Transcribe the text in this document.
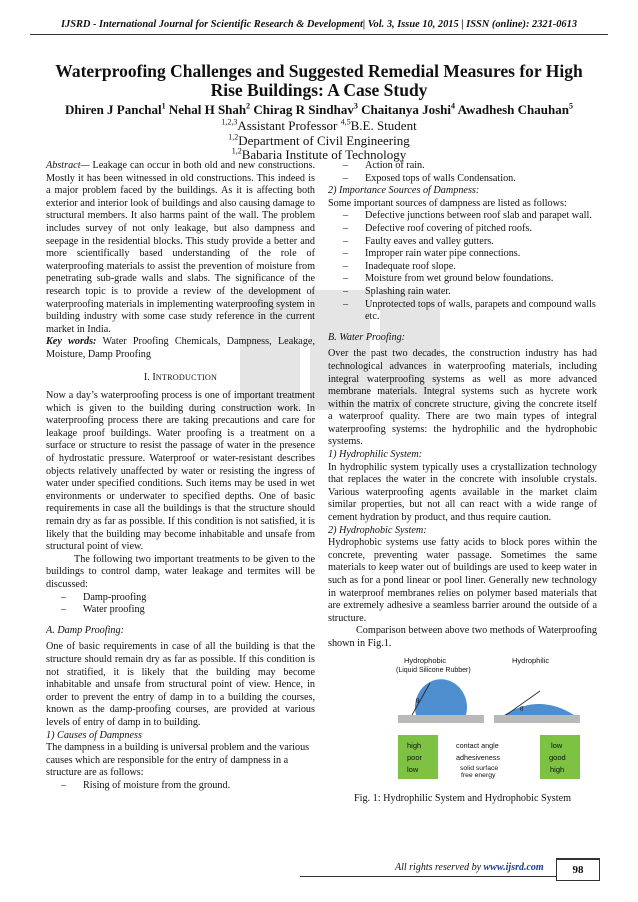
IJSRD - International Journal for Scientific Research & Development| Vol. 3, Issue 10, 2015 | ISSN (online): 2321-0613
Waterproofing Challenges and Suggested Remedial Measures for High Rise Buildings: A Case Study
Dhiren J Panchal$^1$ Nehal H Shah$^2$ Chirag R Sindhav$^3$ Chaitanya Joshi$^4$ Awadhesh Chauhan$^5$
$^{1,2,3}$Assistant Professor $^{4,5}$B.E. Student
$^{1,2}$Department of Civil Engineering
$^{1,2}$Babaria Institute of Technology

Abstract— Leakage can occur in both old and new constructions. Mostly it has been witnessed in old constructions. This indeed is a major problem faced by the buildings. As it is affecting both exterior and interior look of buildings and also causing damage to structural members. It also harms paint of the wall. The problem includes survey of not only leakage, but also dampness and seepage in the residential blocks. This study provide a better and more scientifically based understanding of the role of waterproofing materials to assist the prevention of moisture from penetrating sub-grade walls and slabs. The significance of the research topic is to provide a review of the development of waterproofing materials in implementing waterproofing system in building industry with some case study reference in the current market in India.

Key words: Water Proofing Chemicals, Dampness, Leakage, Moisture, Damp Proofing

I. INTRODUCTION

Now a day’s waterproofing process is one of important treatment which is given to the building during construction work. In waterproofing process there are taking precautions and care for leakage proof buildings. Water proofing is a treatment on a surface or structure to resist the passage of water in the presence of hydrostatic pressure. Waterproof or water-resistant describes objects relatively unaffected by water or resisting the ingress of water under specified conditions. Such items may be used in wet environments or underwater to specified depths. One of basic requirements in case all the buildings is that the structure should remain dry as far as possible. If this condition is not satisfied, it is likely that the building may become inhabitable and unsafe from structural point of view.

The following two important treatments to be given to the buildings to control damp, water leakage and termites will be discussed:

– Damp-proofing
– Water proofing

A. Damp Proofing:

One of basic requirements in case of all the building is that the structure should remain dry as far as possible. If this condition is not stratified, it is likely that the building may become inhabitable and unsafe from structural point of view. Hence, in order to prevent the entry of damp in to a building the courses, known as the damp-proofing courses, are provided at various levels of entry of damp in to building.

1) Causes of Dampness

The dampness in a building is universal problem and the various causes which are responsible for the entry of dampness in a structure are as follows:

– Rising of moisture from the ground.
– Action of rain.
– Exposed tops of walls Condensation.

2) Importance Sources of Dampness:

Some important sources of dampness are listed as follows:

– Defective junctions between roof slab and parapet wall.
– Defective roof covering of pitched roofs.
– Faulty eaves and valley gutters.
– Improper rain water pipe connections.
– Inadequate roof slope.
– Moisture from wet ground below foundations.
– Splashing rain water.
– Unprotected tops of walls, parapets and compound walls etc.

B. Water Proofing:

Over the past two decades, the construction industry has had technological advances in waterproofing materials, including integral waterproofing systems as well as more advanced membrane materials. Integral systems such as hycrete work within the matrix of concrete structure, giving the concrete itself a waterproof quality. There are two main types of integral waterproofing systems: the hydrophilic and the hydrophobic systems.

1) Hydrophilic System:

In hydrophilic system typically uses a crystallization technology that replaces the water in the concrete with insoluble crystals. Various waterproofing agents available in the market claim similar properties, but not all can react with a wide range of cement hydration by product, and thus require caution.

2) Hydrophobic System:

Hydrophobic systems use fatty acids to block pores within the concrete, preventing water passage. Sometimes the same materials to keep water out of buildings are used to keep water in such as for a pond linear or pool liner. Generally new technology in waterproof membranes relies on polymer based materials that are extremely adhesive a seamless barrier around the outside of a structure.

Comparison between above two methods of Waterproofing shown in Fig.1.

Hydrophobic
(Liquid Silicone Rubber)
Hydrophilic
θ
θ
high
poor
low
contact angle
adhesiveness
solid surface
free energy
low
good
high

Fig. 1: Hydrophilic System and Hydrophobic System

All rights reserved by www.ijsrd.com	98
